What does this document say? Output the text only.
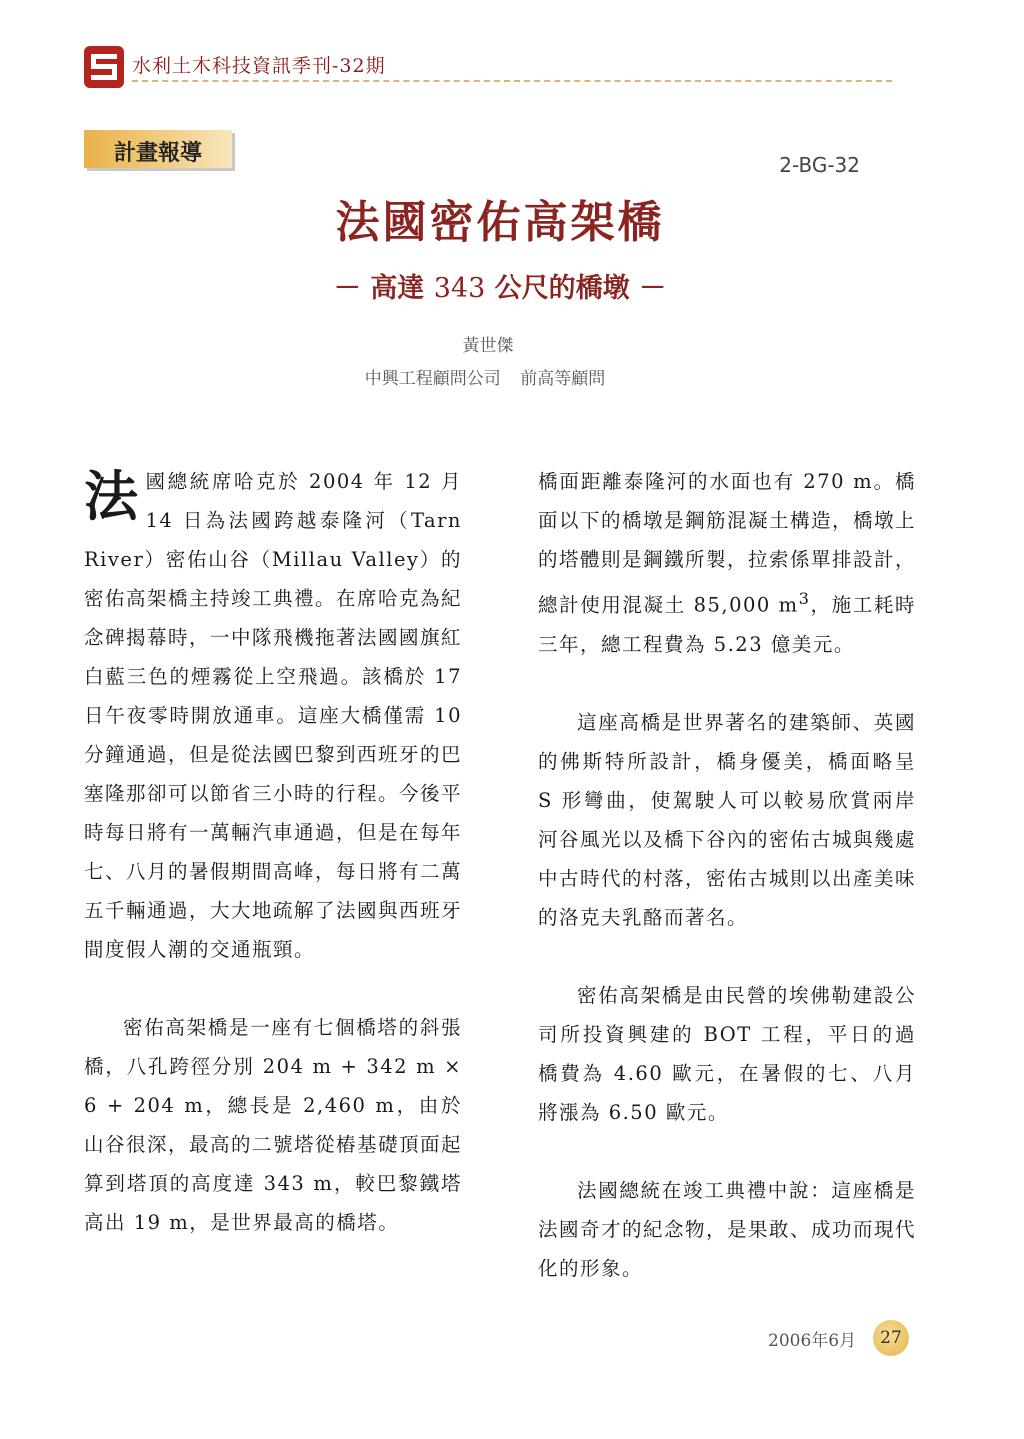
水利土木科技資訊季刊-32期
計畫報導	2-BG-32
法國密佑高架橋
－ 高達 343 公尺的橋墩 －
黃世傑
中興工程顧問公司 前高等顧問

法國總統席哈克於 2004 年 12 月 14 日為法國跨越泰隆河（Tarn River）密佑山谷（Millau Valley）的密佑高架橋主持竣工典禮。在席哈克為紀念碑揭幕時，一中隊飛機拖著法國國旗紅白藍三色的煙霧從上空飛過。該橋於 17 日午夜零時開放通車。這座大橋僅需 10 分鐘通過，但是從法國巴黎到西班牙的巴塞隆那卻可以節省三小時的行程。今後平時每日將有一萬輛汽車通過，但是在每年七、八月的暑假期間高峰，每日將有二萬五千輛通過，大大地疏解了法國與西班牙間度假人潮的交通瓶頸。

密佑高架橋是一座有七個橋塔的斜張橋，八孔跨徑分別 204 m + 342 m × 6 + 204 m，總長是 2,460 m，由於山谷很深，最高的二號塔從樁基礎頂面起算到塔頂的高度達 343 m，較巴黎鐵塔高出 19 m，是世界最高的橋塔。

橋面距離泰隆河的水面也有 270 m。橋面以下的橋墩是鋼筋混凝土構造，橋墩上的塔體則是鋼鐵所製，拉索係單排設計，總計使用混凝土 85,000 $m^3$，施工耗時三年，總工程費為 5.23 億美元。

這座高橋是世界著名的建築師、英國的佛斯特所設計，橋身優美，橋面略呈 S 形彎曲，使駕駛人可以較易欣賞兩岸河谷風光以及橋下谷內的密佑古城與幾處中古時代的村落，密佑古城則以出產美味的洛克夫乳酪而著名。

密佑高架橋是由民營的埃佛勒建設公司所投資興建的 BOT 工程，平日的過橋費為 4.60 歐元，在暑假的七、八月將漲為 6.50 歐元。

法國總統在竣工典禮中說：這座橋是法國奇才的紀念物，是果敢、成功而現代化的形象。

2006年6月	27
